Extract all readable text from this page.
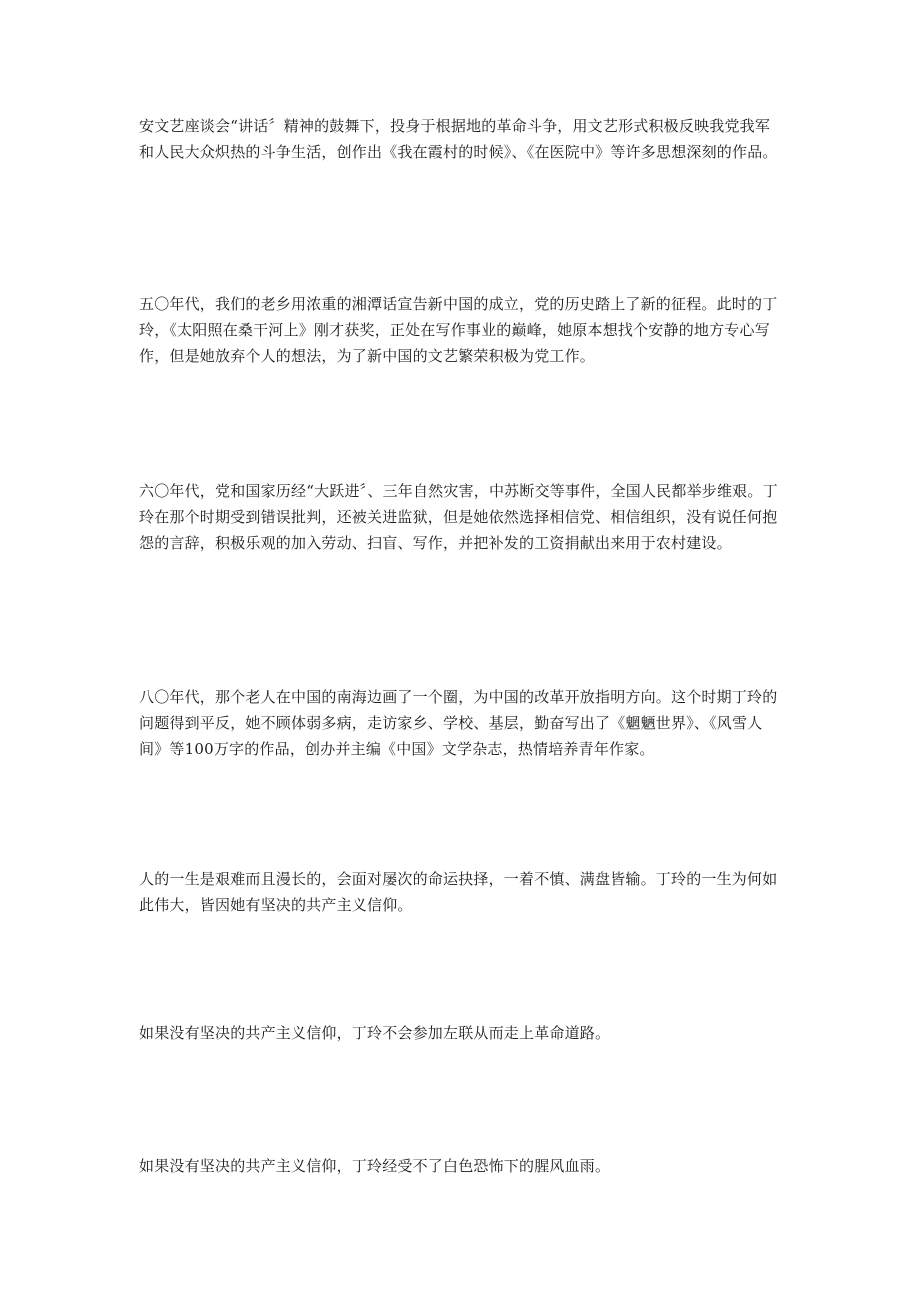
安文艺座谈会“讲话〞精神的鼓舞下，投身于根据地的革命斗争，用文艺形式积极反映我党我军和人民大众炽热的斗争生活，创作出《我在霞村的时候》、《在医院中》等许多思想深刻的作品。

五〇年代，我们的老乡用浓重的湘潭话宣告新中国的成立，党的历史踏上了新的征程。此时的丁玲，《太阳照在桑干河上》刚才获奖，正处在写作事业的巅峰，她原本想找个安静的地方专心写作，但是她放弃个人的想法，为了新中国的文艺繁荣积极为党工作。

六〇年代，党和国家历经“大跃进〞、三年自然灾害，中苏断交等事件，全国人民都举步维艰。丁玲在那个时期受到错误批判，还被关进监狱，但是她依然选择相信党、相信组织，没有说任何抱怨的言辞，积极乐观的加入劳动、扫盲、写作，并把补发的工资捐献出来用于农村建设。

八〇年代，那个老人在中国的南海边画了一个圈，为中国的改革开放指明方向。这个时期丁玲的问题得到平反，她不顾体弱多病，走访家乡、学校、基层，勤奋写出了《魍魉世界》、《风雪人间》等100万字的作品，创办并主编《中国》文学杂志，热情培养青年作家。

人的一生是艰难而且漫长的，会面对屡次的命运抉择，一着不慎、满盘皆输。丁玲的一生为何如此伟大，皆因她有坚决的共产主义信仰。

如果没有坚决的共产主义信仰，丁玲不会参加左联从而走上革命道路。

如果没有坚决的共产主义信仰，丁玲经受不了白色恐怖下的腥风血雨。
